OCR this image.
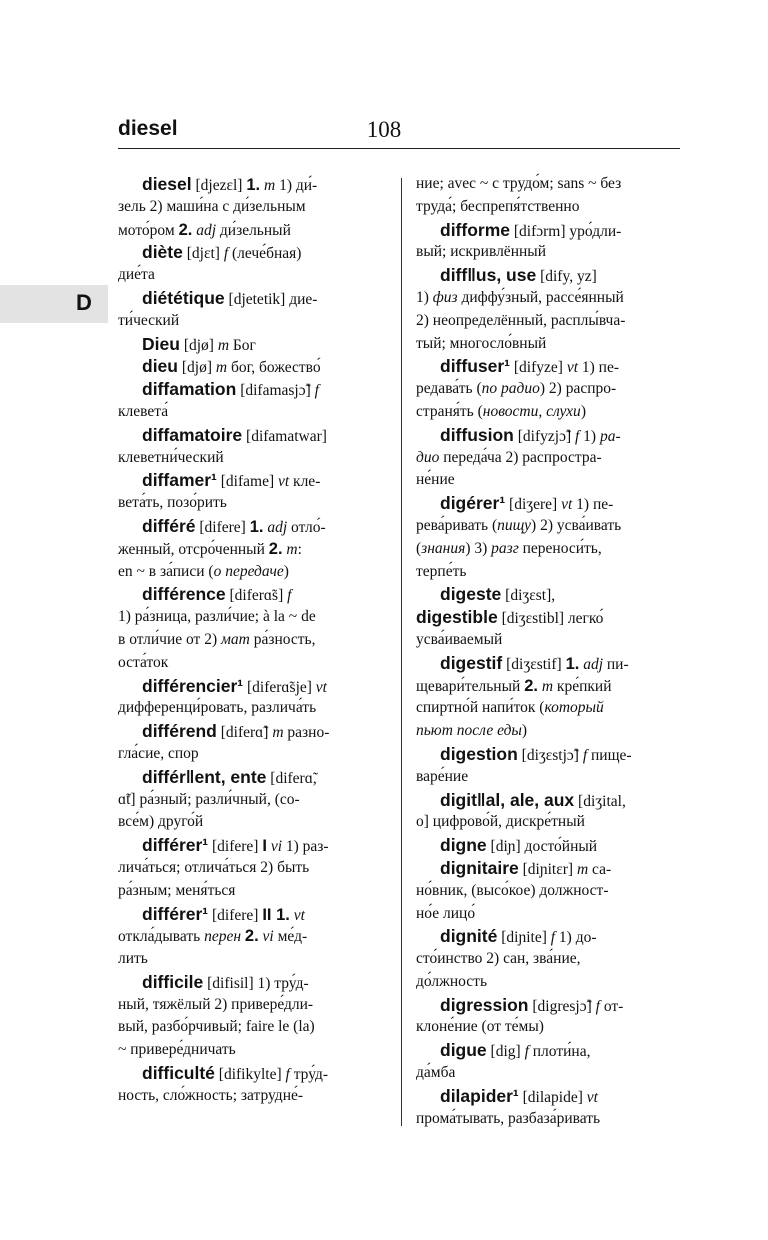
diesel	108
D
diesel [djezɛl] 1. m 1) ди́-
зель 2) маши́на с ди́зельным
мото́ром 2. adj ди́зельный
diète [djɛt] f (лече́бная)
дие́та
diététique [djetetik] дие-
ти́ческий
Dieu [djø] m Бог
dieu [djø] m бог, божество́
diffamation [difamasjɔ̃] f
клевета́
diffamatoire [difamatwar]
клеветни́ческий
diffamer¹ [difame] vt кле-
вета́ть, позо́рить
différé [difere] 1. adj отло́-
женный, отсро́ченный 2. m:
en ~ в за́писи (о передаче)
différence [diferɑ̃s] f
1) ра́зница, разли́чие; à la ~ de
в отли́чие от 2) мат ра́зность,
оста́ток
différencier¹ [diferɑ̃sje] vt
дифференци́ровать, различа́ть
différend [diferɑ̃] m разно-
гла́сие, спор
différ‖ent, ente [diferɑ̃,
ɑ̃t] ра́зный; разли́чный, (со-
все́м) друго́й
différer¹ [difere] I vi 1) раз-
лича́ться; отлича́ться 2) быть
ра́зным; меня́ться
différer¹ [difere] II 1. vt
откла́дывать перен 2. vi ме́д-
лить
difficile [difisil] 1) тру́д-
ный, тяжёлый 2) привере́дли-
вый, разбо́рчивый; faire le (la)
~ привере́дничать
difficulté [difikylte] f тру́д-
ность, сло́жность; затрудне́-
ние; avec ~ с трудо́м; sans ~ без
труда́; беспрепя́тственно
difforme [difɔrm] уро́дли-
вый; искривлённый
diff‖us, use [dify, yz]
1) физ диффу́зный, рассе́янный
2) неопределённый, расплы́вча-
тый; многосло́вный
diffuser¹ [difyze] vt 1) пе-
редава́ть (по радио) 2) распро-
страня́ть (новости, слухи)
diffusion [difyzjɔ̃] f 1) ра-
дио переда́ча 2) распростра-
не́ние
digérer¹ [diʒere] vt 1) пе-
рева́ривать (пищу) 2) усва́ивать
(знания) 3) разг переноси́ть,
терпе́ть
digeste [diʒɛst],
digestible [diʒɛstibl] легко́
усва́иваемый
digestif [diʒɛstif] 1. adj пи-
щевари́тельный 2. m кре́пкий
спиртно́й напи́ток (который
пьют после еды)
digestion [diʒɛstjɔ̃] f пище-
варе́ние
digit‖al, ale, aux [diʒital,
o] цифрово́й, дискре́тный
digne [diɲ] досто́йный
dignitaire [diɲitɛr] m са-
но́вник, (высо́кое) должност-
но́е лицо́
dignité [diɲite] f 1) до-
сто́инство 2) сан, зва́ние,
до́лжность
digression [digresjɔ̃] f от-
клоне́ние (от те́мы)
digue [dig] f плоти́на,
да́мба
dilapider¹ [dilapide] vt
прома́тывать, разбаза́ривать
